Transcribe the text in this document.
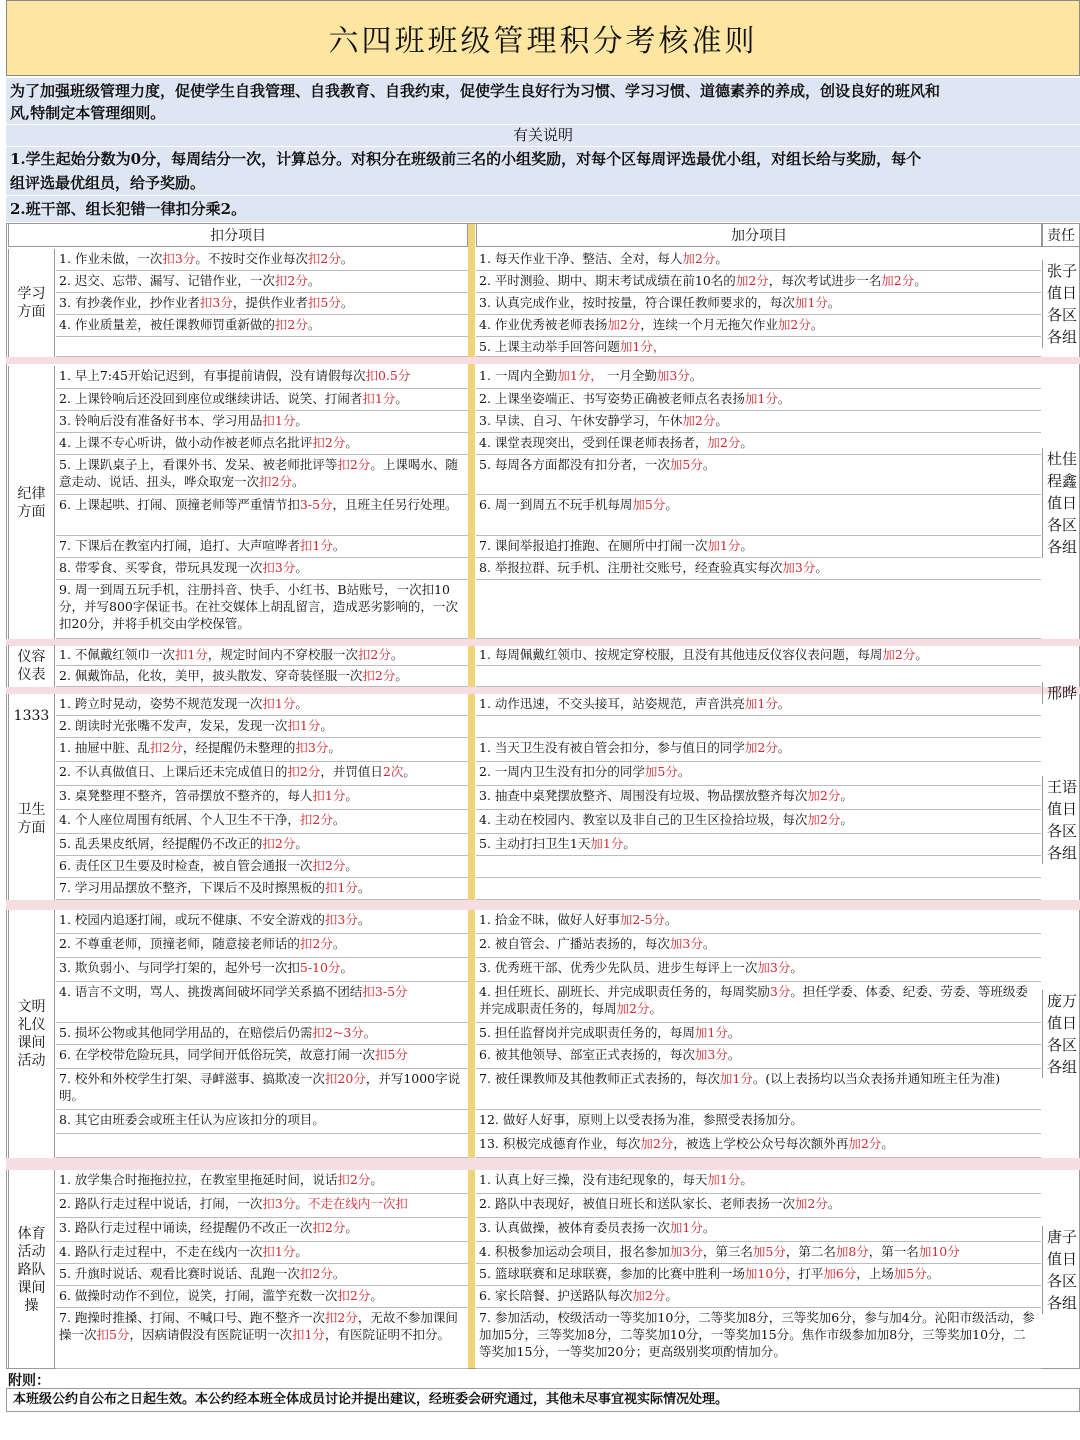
六四班班级管理积分考核准则
为了加强班级管理力度，促使学生自我管理、自我教育、自我约束，促使学生良好行为习惯、学习习惯、道德素养的养成，创设良好的班风和
风,特制定本管理细则。
有关说明
1.学生起始分数为0分，每周结分一次，计算总分。对积分在班级前三名的小组奖励，对每个区每周评选最优小组，对组长给与奖励，每个
组评选最优组员，给予奖励。
2.班干部、组长犯错一律扣分乘2。
扣分项目	加分项目	责任
附则：
本班级公约自公布之日起生效。本公约经本班全体成员讨论并提出建议，经班委会研究通过，其他未尽事宜视实际情况处理。
学习
方面
1. 作业未做，一次扣3分。不按时交作业每次扣2分。
2. 迟交、忘带、漏写、记错作业，一次扣2分。
3. 有抄袭作业，抄作业者扣3分，提供作业者扣5分。
4. 作业质量差，被任课教师罚重新做的扣2分。
1. 每天作业干净、整洁、全对，每人加2分。
2. 平时测验、期中、期末考试成绩在前10名的加2分，每次考试进步一名加2分。
3. 认真完成作业，按时按量，符合课任教师要求的，每次加1分。
4. 作业优秀被老师表扬加2分，连续一个月无拖欠作业加2分。
5. 上课主动举手回答问题加1分，
张子
值日
各区
各组
纪律
方面
1. 早上7:45开始记迟到，有事提前请假，没有请假每次扣0.5分
2. 上课铃响后还没回到座位或继续讲话、说笑、打闹者扣1分。
3. 铃响后没有准备好书本、学习用品扣1分。
4. 上课不专心听讲，做小动作被老师点名批评扣2分。
5. 上课趴桌子上，看课外书、发呆、被老师批评等扣2分。上课喝水、随意走动、说话、扭头，哗众取宠一次扣2分。
6. 上课起哄、打闹、顶撞老师等严重情节扣3-5分，且班主任另行处理。
7. 下课后在教室内打闹，追打、大声喧哗者扣1分。
8. 带零食、买零食，带玩具发现一次扣3分。
9. 周一到周五玩手机，注册抖音、快手、小红书、B站账号，一次扣10分，并写800字保证书。在社交媒体上胡乱留言，造成恶劣影响的，一次扣20分，并将手机交由学校保管。
1. 一周内全勤加1分， 一月全勤加3分。
2. 上课坐姿端正、书写姿势正确被老师点名表扬加1分。
3. 早读、自习、午休安静学习，午休加2分。
4. 课堂表现突出，受到任课老师表扬者，加2分。
5. 每周各方面都没有扣分者，一次加5分。
6. 周一到周五不玩手机每周加5分。
7. 课间举报追打推跑、在厕所中打闹一次加1分。
8. 举报拉群、玩手机、注册社交账号，经查验真实每次加3分。
杜佳
程鑫
值日
各区
各组
仪容
仪表
1. 不佩戴红领巾一次扣1分，规定时间内不穿校服一次扣2分。
2. 佩戴饰品，化妆，美甲，披头散发、穿奇装怪服一次扣2分。
1. 每周佩戴红领巾、按规定穿校服，且没有其他违反仪容仪表问题，每周加2分。
邢晔
1333
1. 跨立时晃动，姿势不规范发现一次扣1分。
2. 朗读时光张嘴不发声，发呆，发现一次扣1分。
1. 动作迅速，不交头接耳，站姿规范，声音洪亮加1分。
卫生
方面
1. 抽屉中脏、乱扣2分，经提醒仍未整理的扣3分。
2. 不认真做值日、上课后还未完成值日的扣2分，并罚值日2次。
3. 桌凳整理不整齐，笤帚摆放不整齐的，每人扣1分。
4. 个人座位周围有纸屑、个人卫生不干净，扣2分。
5. 乱丢果皮纸屑，经提醒仍不改正的扣2分。
6. 责任区卫生要及时检查，被自管会通报一次扣2分。
7. 学习用品摆放不整齐，下课后不及时擦黑板的扣1分。
1. 当天卫生没有被自管会扣分，参与值日的同学加2分。
2. 一周内卫生没有扣分的同学加5分。
3. 抽查中桌凳摆放整齐、周围没有垃圾、物品摆放整齐每次加2分。
4. 主动在校园内、教室以及非自己的卫生区捡拾垃圾，每次加2分。
5. 主动打扫卫生1天加1分。
王语
值日
各区
各组
文明
礼仪
课间
活动
1. 校园内追逐打闹，或玩不健康、不安全游戏的扣3分。
2. 不尊重老师，顶撞老师，随意接老师话的扣2分。
3. 欺负弱小、与同学打架的，起外号一次扣5-10分。
4. 语言不文明，骂人、挑拨离间破坏同学关系搞不团结扣3-5分
5. 损坏公物或其他同学用品的，在赔偿后仍需扣2~3分。
6. 在学校带危险玩具，同学间开低俗玩笑，故意打闹一次扣5分
7. 校外和外校学生打架、寻衅滋事、搞欺凌一次扣20分，并写1000字说明。
8. 其它由班委会或班主任认为应该扣分的项目。
1. 拾金不昧，做好人好事加2-5分。
2. 被自管会、广播站表扬的，每次加3分。
3. 优秀班干部、优秀少先队员、进步生每评上一次加3分。
4. 担任班长、副班长、并完成职责任务的，每周奖励3分。担任学委、体委、纪委、劳委、等班级委并完成职责任务的，每周加2分。
5. 担任监督岗并完成职责任务的，每周加1分。
6. 被其他领导、部室正式表扬的，每次加3分。
7. 被任课教师及其他教师正式表扬的，每次加1分。(以上表扬均以当众表扬并通知班主任为准)
12. 做好人好事，原则上以受表扬为准，参照受表扬加分。
13. 积极完成德育作业，每次加2分，被选上学校公众号每次额外再加2分。
庞万
值日
各区
各组
体育
活动
路队
课间
操
1. 放学集合时拖拖拉拉，在教室里拖延时间，说话扣2分。
2. 路队行走过程中说话，打闹，一次扣3分。不走在线内一次扣
3. 路队行走过程中诵读，经提醒仍不改正一次扣2分。
4. 路队行走过程中，不走在线内一次扣1分。
5. 升旗时说话、观看比赛时说话、乱跑一次扣2分。
6. 做操时动作不到位，说笑，打闹，滥竽充数一次扣2分。
7. 跑操时推搡、打闹、不喊口号、跑不整齐一次扣2分，无故不参加课间操一次扣5分，因病请假没有医院证明一次扣1分，有医院证明不扣分。
1. 认真上好三操，没有违纪现象的，每天加1分。
2. 路队中表现好，被值日班长和送队家长、老师表扬一次加2分。
3. 认真做操，被体育委员表扬一次加1分。
4. 积极参加运动会项目，报名参加加3分，第三名加5分，第二名加8分，第一名加10分
5. 篮球联赛和足球联赛，参加的比赛中胜利一场加10分，打平加6分，上场加5分。
6. 家长陪餐、护送路队每次加2分。
7. 参加活动，校级活动一等奖加10分，二等奖加8分，三等奖加6分，参与加4分。沁阳市级活动，参加加5分，三等奖加8分，二等奖加10分，一等奖加15分。焦作市级参加加8分，三等奖加10分，二等奖加15分，一等奖加20分；更高级别奖项酌情加分。
唐子
值日
各区
各组
